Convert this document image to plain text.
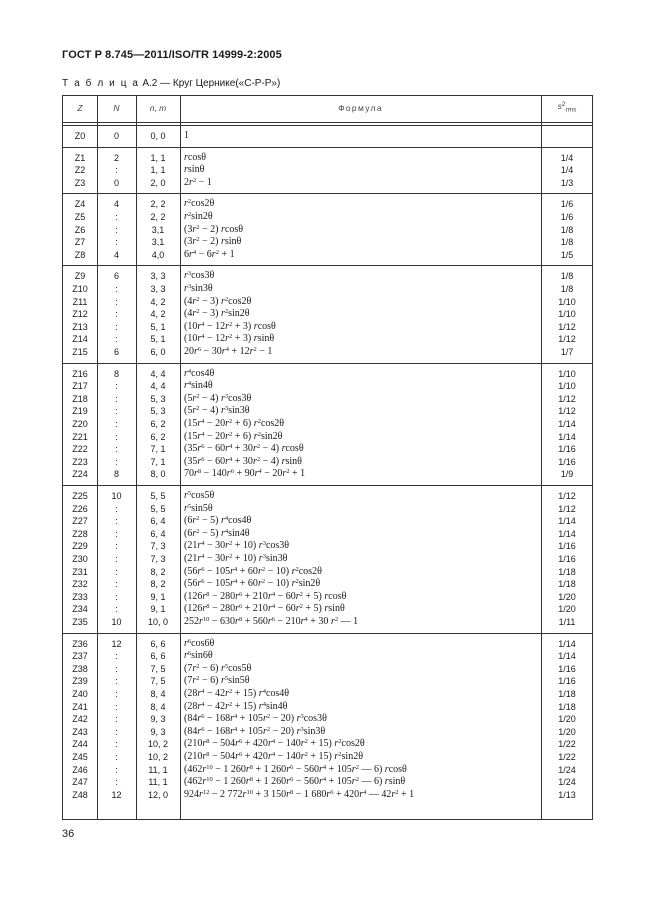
ГОСТ Р 8.745—2011/ISO/TR 14999-2:2005
Т а б л и ц а А.2 — Круг Цернике(«C-P-P»)
Z	N	n, m	Формула	$s^2_{rms}$
Z0	0	0, 0	1
Z1	2	1, 1	rcosθ	1/4
Z2	:	1, 1	rsinθ	1/4
Z3	0	2, 0	$2r^2 - 1$	1/3
Z4	4	2, 2	$r^2\cos 2\theta$	1/6
Z5	:	2, 2	$r^2\sin 2\theta$	1/6
Z6	:	3,1	$(3r^2 - 2)$ rcosθ	1/8
Z7	:	3,1	$(3r^2 - 2)$ rsinθ	1/8
Z8	4	4,0	$6r^4 - 6r^2 + 1$	1/5
Z9	6	3, 3	$r^3\cos 3\theta$	1/8
Z10	:	3, 3	$r^3\sin 3\theta$	1/8
Z11	:	4, 2	$(4r^2 - 3)$ $r^2\cos 2\theta$	1/10
Z12	:	4, 2	$(4r^2 - 3)$ $r^2\sin 2\theta$	1/10
Z13	:	5, 1	$(10r^4 - 12r^2 + 3)$ rcosθ	1/12
Z14	:	5, 1	$(10r^4 - 12r^2 + 3)$ rsinθ	1/12
Z15	6	6, 0	$20r^6 - 30r^4 + 12r^2 - 1$	1/7
Z16	8	4, 4	$r^4\cos 4\theta$	1/10
Z17	:	4, 4	$r^4\sin 4\theta$	1/10
Z18	:	5, 3	$(5r^2 - 4)$ $r^3\cos 3\theta$	1/12
Z19	:	5, 3	$(5r^2 - 4)$ $r^3\sin 3\theta$	1/12
Z20	:	6, 2	$(15r^4 - 20r^2 + 6)$ $r^2\cos 2\theta$	1/14
Z21	:	6, 2	$(15r^4 - 20r^2 + 6)$ $r^2\sin 2\theta$	1/14
Z22	:	7, 1	$(35r^6 - 60r^4 + 30r^2 - 4)$ rcosθ	1/16
Z23	:	7, 1	$(35r^6 - 60r^4 + 30r^2 - 4)$ rsinθ	1/16
Z24	8	8, 0	$70r^8 - 140r^6 + 90r^4 - 20r^2 + 1$	1/9
Z25	10	5, 5	$r^5\cos 5\theta$	1/12
Z26	:	5, 5	$r^5\sin 5\theta$	1/12
Z27	:	6, 4	$(6r^2 - 5)$ $r^4\cos 4\theta$	1/14
Z28	:	6, 4	$(6r^2 - 5)$ $r^4\sin 4\theta$	1/14
Z29	:	7, 3	$(21r^4 - 30r^2 + 10)$ $r^3\cos 3\theta$	1/16
Z30	:	7, 3	$(21r^4 - 30r^2 + 10)$ $r^3\sin 3\theta$	1/16
Z31	:	8, 2	$(56r^6 - 105r^4 + 60r^2 - 10)$ $r^2\cos 2\theta$	1/18
Z32	:	8, 2	$(56r^6 - 105r^4 + 60r^2 - 10)$ $r^2\sin 2\theta$	1/18
Z33	:	9, 1	$(126r^8 - 280r^6 + 210r^4 - 60r^2 + 5)$ rcosθ	1/20
Z34	:	9, 1	$(126r^8 - 280r^6 + 210r^4 - 60r^2 + 5)$ rsinθ	1/20
Z35	10	10, 0	$252r^{10} - 630r^8 + 560r^6 - 210r^4 + 30$ $r^2$ — 1	1/11
Z36	12	6, 6	$r^6\cos 6\theta$	1/14
Z37	:	6, 6	$r^6\sin 6\theta$	1/14
Z38	:	7, 5	$(7r^2 - 6)$ $r^5\cos 5\theta$	1/16
Z39	:	7, 5	$(7r^2 - 6)$ $r^5\sin 5\theta$	1/16
Z40	:	8, 4	$(28r^4 - 42r^2 + 15)$ $r^4\cos 4\theta$	1/18
Z41	:	8, 4	$(28r^4 - 42r^2 + 15)$ $r^4\sin 4\theta$	1/18
Z42	:	9, 3	$(84r^6 - 168r^4 + 105r^2 - 20)$ $r^3\cos 3\theta$	1/20
Z43	:	9, 3	$(84r^6 - 168r^4 + 105r^2 - 20)$ $r^3\sin 3\theta$	1/20
Z44	:	10, 2	$(210r^8 - 504r^6 + 420r^4 - 140r^2 + 15)$ $r^2\cos 2\theta$	1/22
Z45	:	10, 2	$(210r^8 - 504r^6 + 420r^4 - 140r^2 + 15)$ $r^2\sin 2\theta$	1/22
Z46	:	11, 1	($462r^{10} - 1$ $260r^8 + 1$ $260r^6 - 560r^4 + 105r^2$ — 6) rcosθ	1/24
Z47	:	11, 1	($462r^{10} - 1$ $260r^8 + 1$ $260r^6 - 560r^4 + 105r^2$ — 6) rsinθ	1/24
Z48	12	12, 0	$924r^{12} - 2$ $772r^{10} + 3$ $150r^8 - 1$ $680r^6 + 420r^4$ — $42r^2 + 1$	1/13
36
